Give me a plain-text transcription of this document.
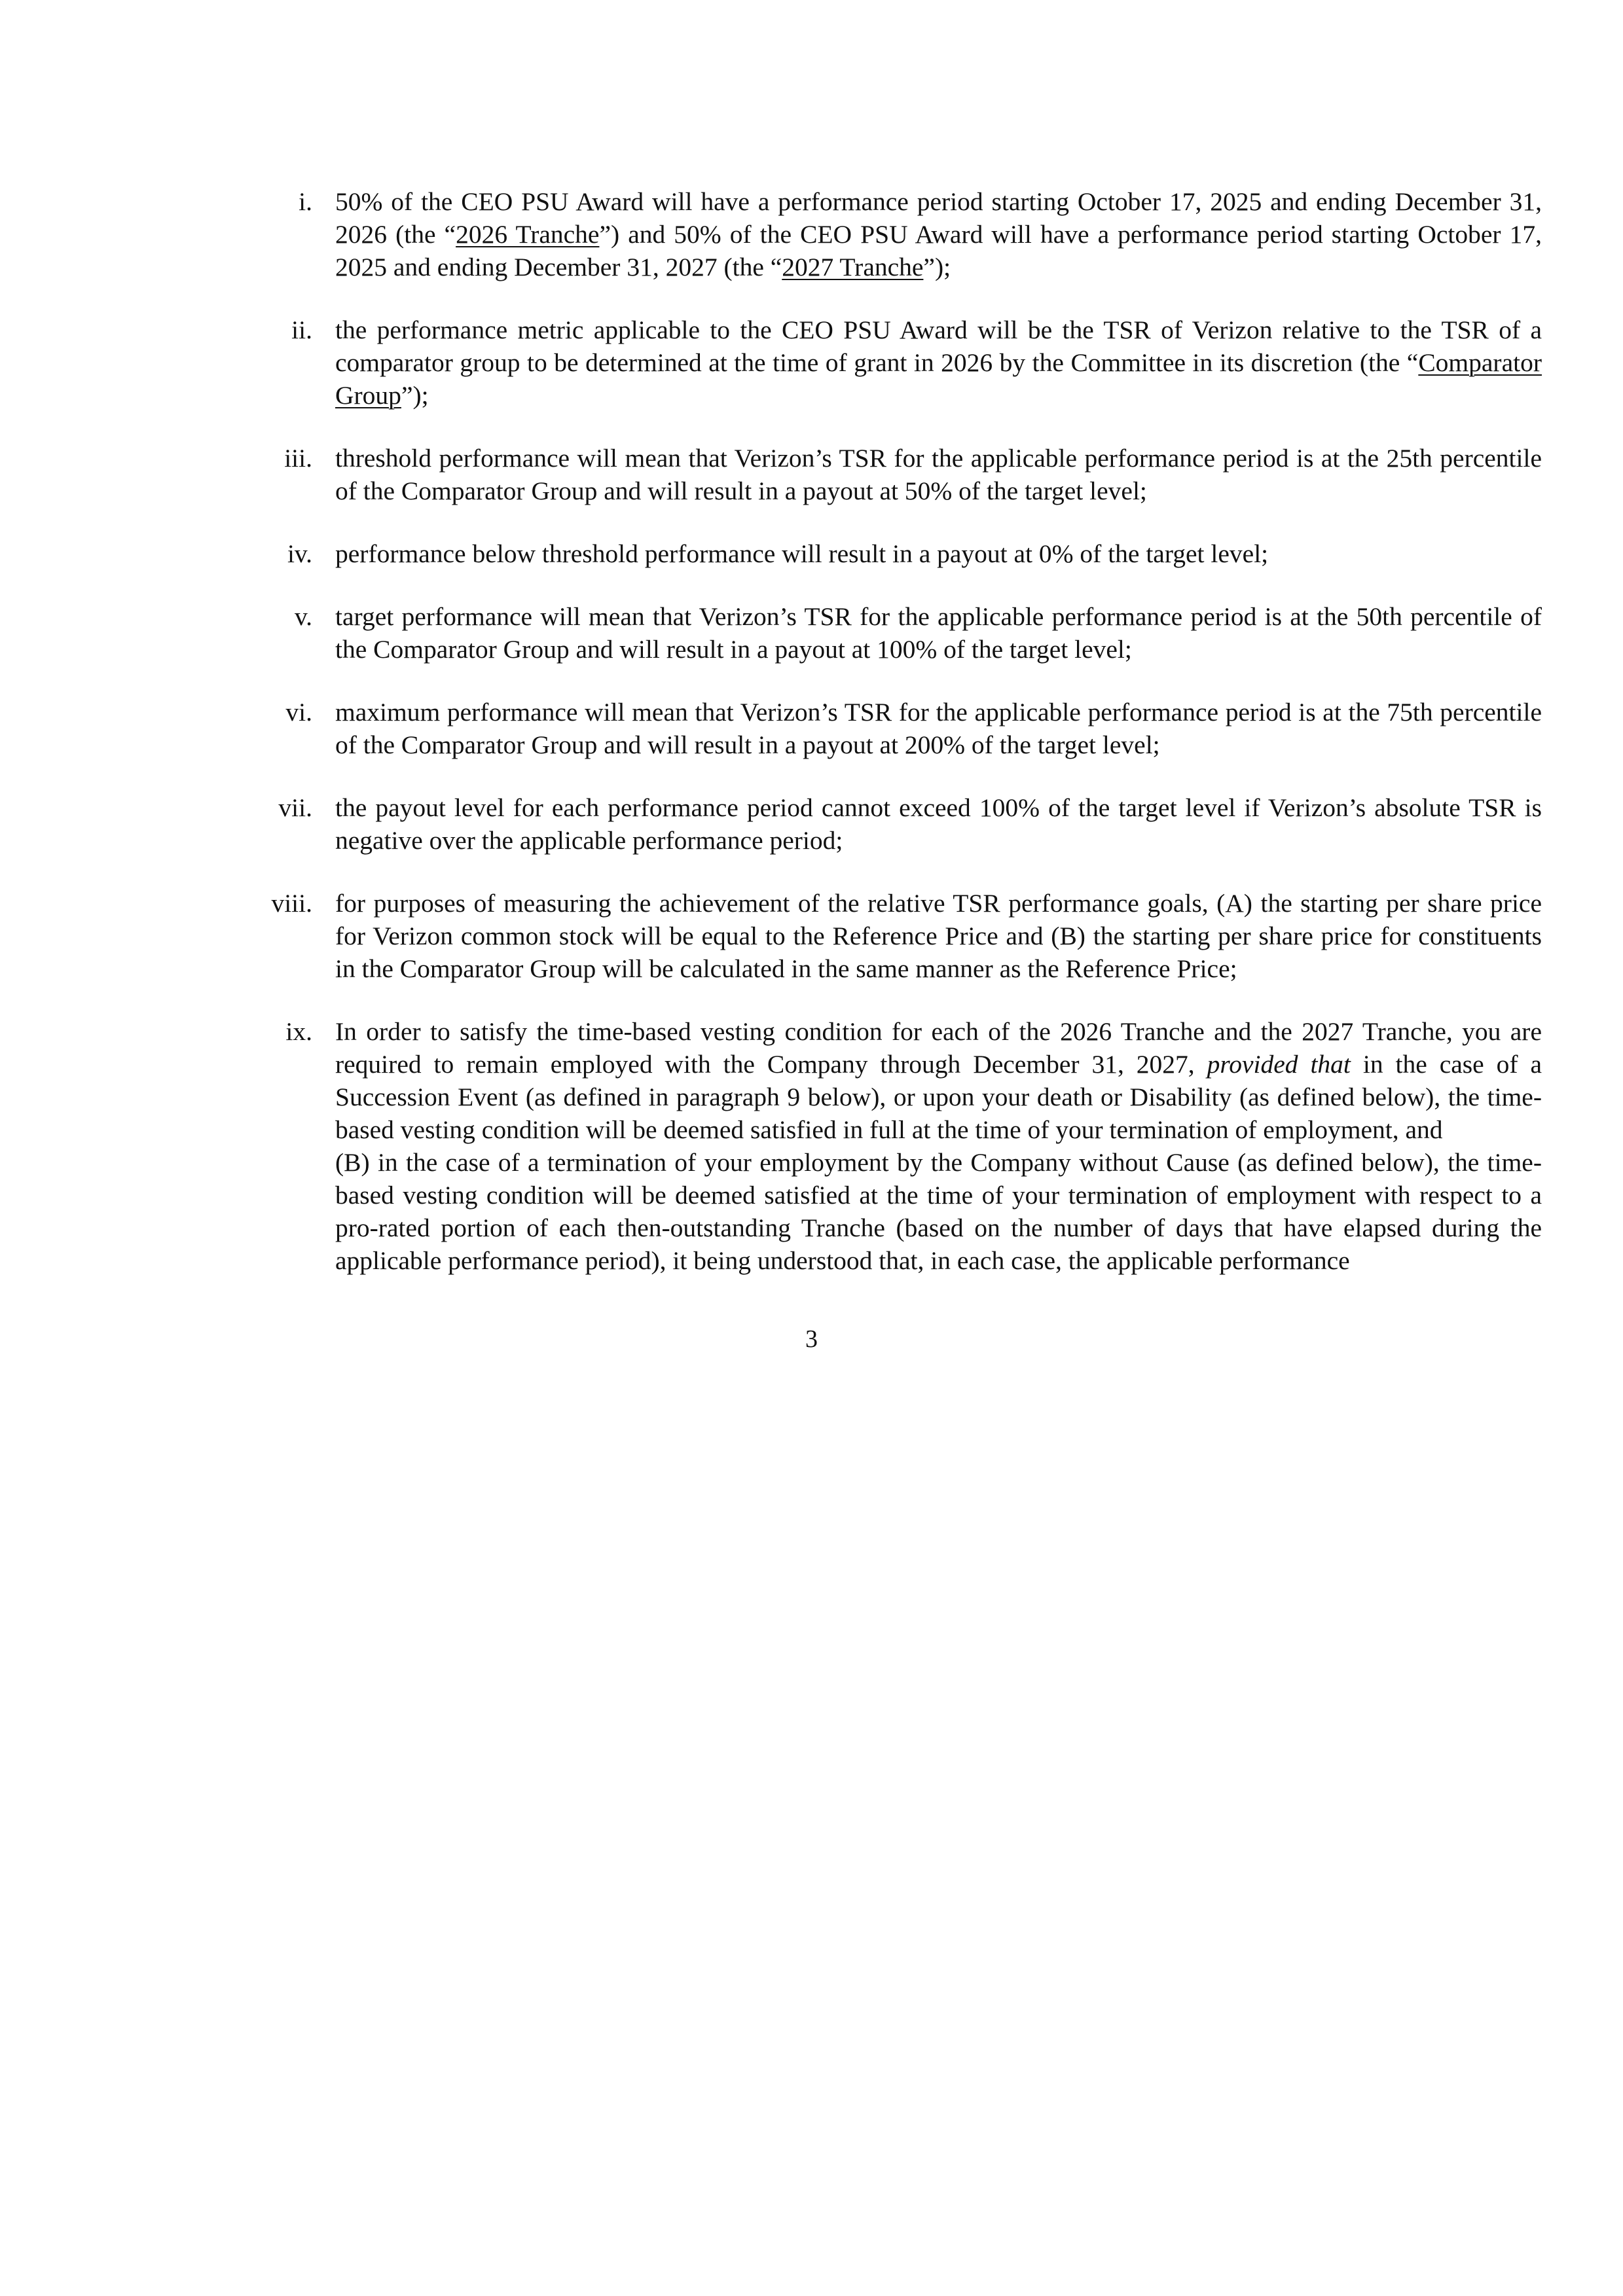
i. 50% of the CEO PSU Award will have a performance period starting October 17, 2025 and ending December 31, 2026 (the “2026 Tranche”) and 50% of the CEO PSU Award will have a performance period starting October 17, 2025 and ending December 31, 2027 (the “2027 Tranche”);

ii. the performance metric applicable to the CEO PSU Award will be the TSR of Verizon relative to the TSR of a comparator group to be determined at the time of grant in 2026 by the Committee in its discretion (the “Comparator Group”);

iii. threshold performance will mean that Verizon’s TSR for the applicable performance period is at the 25th percentile of the Comparator Group and will result in a payout at 50% of the target level;

iv. performance below threshold performance will result in a payout at 0% of the target level;

v. target performance will mean that Verizon’s TSR for the applicable performance period is at the 50th percentile of the Comparator Group and will result in a payout at 100% of the target level;

vi. maximum performance will mean that Verizon’s TSR for the applicable performance period is at the 75th percentile of the Comparator Group and will result in a payout at 200% of the target level;

vii. the payout level for each performance period cannot exceed 100% of the target level if Verizon’s absolute TSR is negative over the applicable performance period;

viii. for purposes of measuring the achievement of the relative TSR performance goals, (A) the starting per share price for Verizon common stock will be equal to the Reference Price and (B) the starting per share price for constituents in the Comparator Group will be calculated in the same manner as the Reference Price;

ix. In order to satisfy the time-based vesting condition for each of the 2026 Tranche and the 2027 Tranche, you are required to remain employed with the Company through December 31, 2027, provided that in the case of a Succession Event (as defined in paragraph 9 below), or upon your death or Disability (as defined below), the time-based vesting condition will be deemed satisfied in full at the time of your termination of employment, and

(B) in the case of a termination of your employment by the Company without Cause (as defined below), the time-based vesting condition will be deemed satisfied at the time of your termination of employment with respect to a pro-rated portion of each then-outstanding Tranche (based on the number of days that have elapsed during the applicable performance period), it being understood that, in each case, the applicable performance

3
